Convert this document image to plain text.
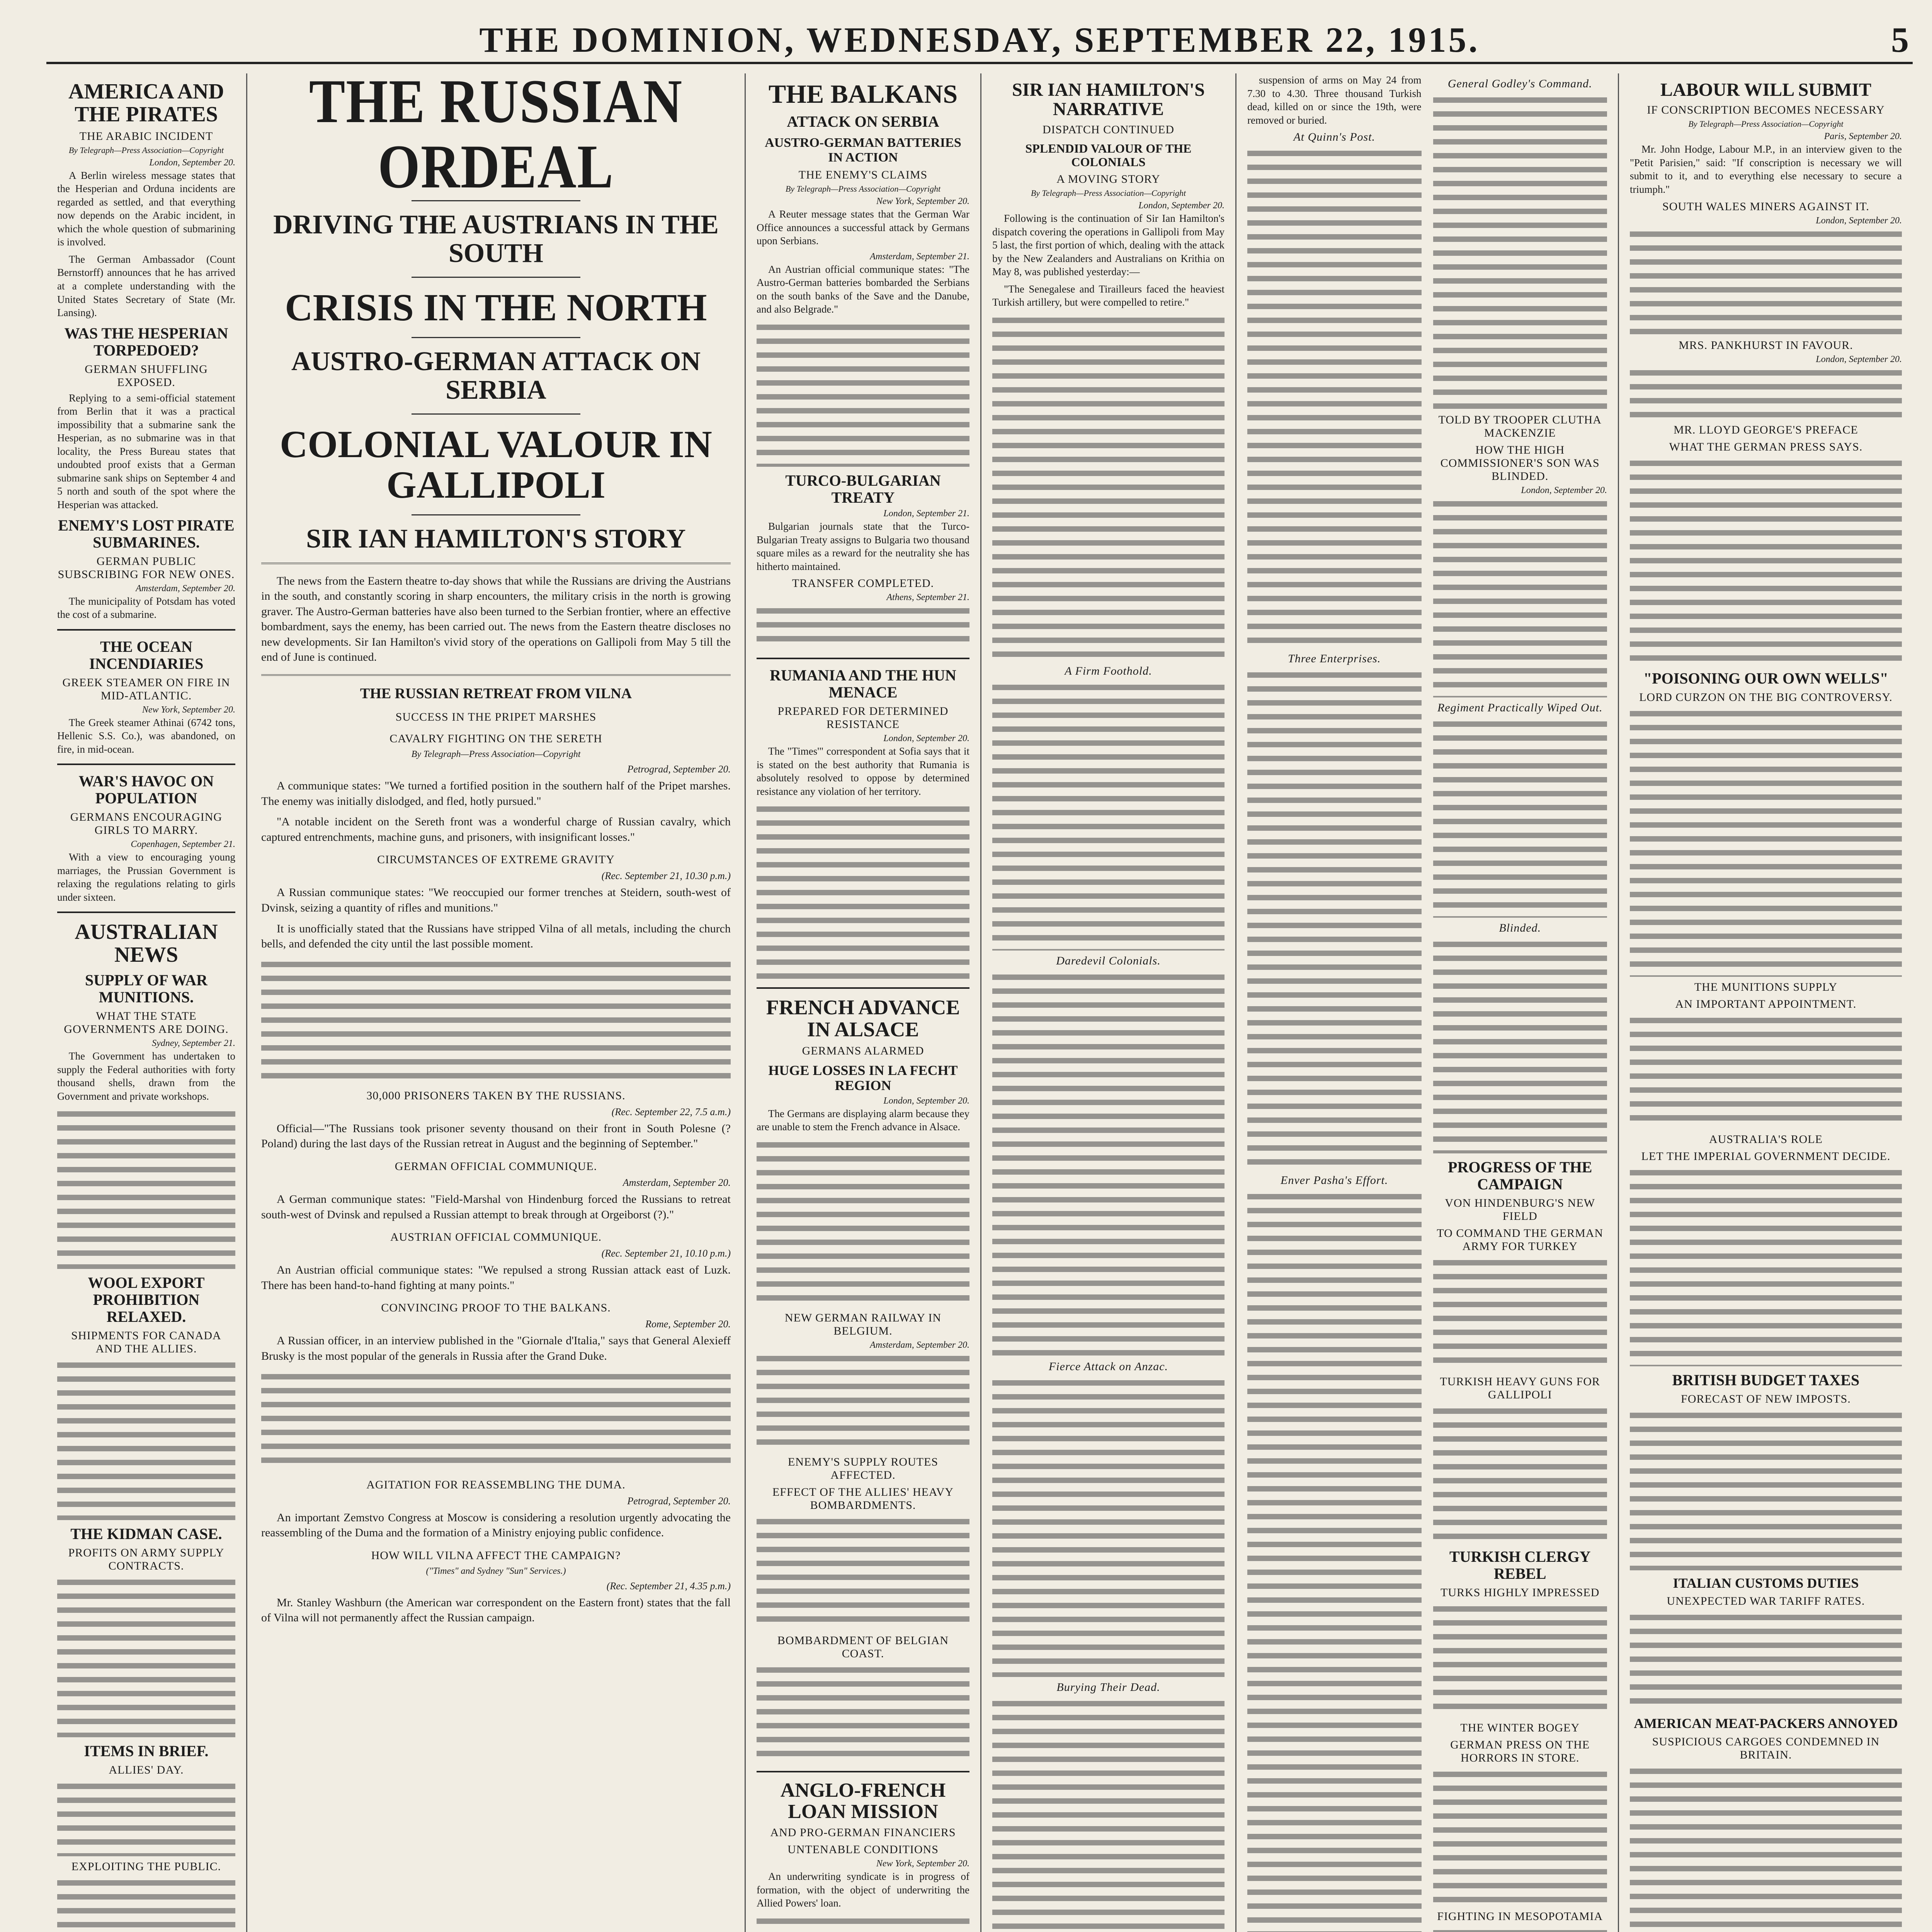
THE DOMINION, WEDNESDAY, SEPTEMBER 22, 1915.	5
AMERICA AND THE PIRATES
THE ARABIC INCIDENT
By Telegraph—Press Association—Copyright
London, September 20.

A Berlin wireless message states that the Hesperian and Orduna incidents are regarded as settled, and that everything now depends on the Arabic incident, in which the whole question of submarining is involved.

The German Ambassador (Count Bernstorff) announces that he has arrived at a complete understanding with the United States Secretary of State (Mr. Lansing).

WAS THE HESPERIAN TORPEDOED?
GERMAN SHUFFLING EXPOSED.

Replying to a semi-official statement from Berlin that it was a practical impossibility that a submarine sank the Hesperian, as no submarine was in that locality, the Press Bureau states that undoubted proof exists that a German submarine sank ships on September 4 and 5 north and south of the spot where the Hesperian was attacked.

ENEMY'S LOST PIRATE SUBMARINES.
GERMAN PUBLIC SUBSCRIBING FOR NEW ONES.
Amsterdam, September 20.

The municipality of Potsdam has voted the cost of a submarine.

THE OCEAN INCENDIARIES
GREEK STEAMER ON FIRE IN MID-ATLANTIC.
New York, September 20.

The Greek steamer Athinai (6742 tons, Hellenic S.S. Co.), was abandoned, on fire, in mid-ocean.

WAR'S HAVOC ON POPULATION
GERMANS ENCOURAGING GIRLS TO MARRY.
Copenhagen, September 21.

With a view to encouraging young marriages, the Prussian Government is relaxing the regulations relating to girls under sixteen.

AUSTRALIAN NEWS
SUPPLY OF WAR MUNITIONS.
WHAT THE STATE GOVERNMENTS ARE DOING.
Sydney, September 21.

The Government has undertaken to supply the Federal authorities with forty thousand shells, drawn from the Government and private workshops.

WOOL EXPORT PROHIBITION RELAXED.
SHIPMENTS FOR CANADA AND THE ALLIES.
THE KIDMAN CASE.
PROFITS ON ARMY SUPPLY CONTRACTS.
ITEMS IN BRIEF.
ALLIES' DAY.
EXPLOITING THE PUBLIC.
THE RUSSIAN ORDEAL
DRIVING THE AUSTRIANS IN THE SOUTH
CRISIS IN THE NORTH
AUSTRO-GERMAN ATTACK ON SERBIA
COLONIAL VALOUR IN GALLIPOLI
SIR IAN HAMILTON'S STORY

The news from the Eastern theatre to-day shows that while the Russians are driving the Austrians in the south, and constantly scoring in sharp encounters, the military crisis in the north is growing graver. The Austro-German batteries have also been turned to the Serbian frontier, where an effective bombardment, says the enemy, has been carried out. The news from the Eastern theatre discloses no new developments. Sir Ian Hamilton's vivid story of the operations on Gallipoli from May 5 till the end of June is continued.

THE RUSSIAN RETREAT FROM VILNA
SUCCESS IN THE PRIPET MARSHES
CAVALRY FIGHTING ON THE SERETH
By Telegraph—Press Association—Copyright
Petrograd, September 20.

A communique states: "We turned a fortified position in the southern half of the Pripet marshes. The enemy was initially dislodged, and fled, hotly pursued."

"A notable incident on the Sereth front was a wonderful charge of Russian cavalry, which captured entrenchments, machine guns, and prisoners, with insignificant losses."

CIRCUMSTANCES OF EXTREME GRAVITY
(Rec. September 21, 10.30 p.m.)

A Russian communique states: "We reoccupied our former trenches at Steidern, south-west of Dvinsk, seizing a quantity of rifles and munitions."

It is unofficially stated that the Russians have stripped Vilna of all metals, including the church bells, and defended the city until the last possible moment.

30,000 PRISONERS TAKEN BY THE RUSSIANS.
(Rec. September 22, 7.5 a.m.)

Official—"The Russians took prisoner seventy thousand on their front in South Polesne (? Poland) during the last days of the Russian retreat in August and the beginning of September."

GERMAN OFFICIAL COMMUNIQUE.
Amsterdam, September 20.

A German communique states: "Field-Marshal von Hindenburg forced the Russians to retreat south-west of Dvinsk and repulsed a Russian attempt to break through at Orgeiborst (?)."

AUSTRIAN OFFICIAL COMMUNIQUE.
(Rec. September 21, 10.10 p.m.)

An Austrian official communique states: "We repulsed a strong Russian attack east of Luzk. There has been hand-to-hand fighting at many points."

CONVINCING PROOF TO THE BALKANS.
Rome, September 20.

A Russian officer, in an interview published in the "Giornale d'Italia," says that General Alexieff Brusky is the most popular of the generals in Russia after the Grand Duke.

AGITATION FOR REASSEMBLING THE DUMA.
Petrograd, September 20.

An important Zemstvo Congress at Moscow is considering a resolution urgently advocating the reassembling of the Duma and the formation of a Ministry enjoying public confidence.

HOW WILL VILNA AFFECT THE CAMPAIGN?
("Times" and Sydney "Sun" Services.)
(Rec. September 21, 4.35 p.m.)

Mr. Stanley Washburn (the American war correspondent on the Eastern front) states that the fall of Vilna will not permanently affect the Russian campaign.

THE BALKANS
ATTACK ON SERBIA
AUSTRO-GERMAN BATTERIES IN ACTION
THE ENEMY'S CLAIMS
By Telegraph—Press Association—Copyright
New York, September 20.

A Reuter message states that the German War Office announces a successful attack by Germans upon Serbians.

Amsterdam, September 21.

An Austrian official communique states: "The Austro-German batteries bombarded the Serbians on the south banks of the Save and the Danube, and also Belgrade."

TURCO-BULGARIAN TREATY
London, September 21.

Bulgarian journals state that the Turco-Bulgarian Treaty assigns to Bulgaria two thousand square miles as a reward for the neutrality she has hitherto maintained.

TRANSFER COMPLETED.
Athens, September 21.
RUMANIA AND THE HUN MENACE
PREPARED FOR DETERMINED RESISTANCE
London, September 20.

The "Times'" correspondent at Sofia says that it is stated on the best authority that Rumania is absolutely resolved to oppose by determined resistance any violation of her territory.

FRENCH ADVANCE IN ALSACE
GERMANS ALARMED
HUGE LOSSES IN LA FECHT REGION
London, September 20.

The Germans are displaying alarm because they are unable to stem the French advance in Alsace.

NEW GERMAN RAILWAY IN BELGIUM.
Amsterdam, September 20.
ENEMY'S SUPPLY ROUTES AFFECTED.
EFFECT OF THE ALLIES' HEAVY BOMBARDMENTS.
BOMBARDMENT OF BELGIAN COAST.
ANGLO-FRENCH LOAN MISSION
AND PRO-GERMAN FINANCIERS
UNTENABLE CONDITIONS
New York, September 20.

An underwriting syndicate is in progress of formation, with the object of underwriting the Allied Powers' loan.

SIR IAN HAMILTON'S NARRATIVE
DISPATCH CONTINUED
SPLENDID VALOUR OF THE COLONIALS
A MOVING STORY
By Telegraph—Press Association—Copyright
London, September 20.

Following is the continuation of Sir Ian Hamilton's dispatch covering the operations in Gallipoli from May 5 last, the first portion of which, dealing with the attack by the New Zealanders and Australians on Krithia on May 8, was published yesterday:—

"The Senegalese and Tirailleurs faced the heaviest Turkish artillery, but were compelled to retire."

A Firm Foothold.
Daredevil Colonials.
Fierce Attack on Anzac.
Burying Their Dead.

suspension of arms on May 24 from 7.30 to 4.30. Three thousand Turkish dead, killed on or since the 19th, were removed or buried.

At Quinn's Post.
Three Enterprises.
Enver Pasha's Effort.
General Godley's Command.
TOLD BY TROOPER CLUTHA MACKENZIE
HOW THE HIGH COMMISSIONER'S SON WAS BLINDED.
London, September 20.
Regiment Practically Wiped Out.
Blinded.
PROGRESS OF THE CAMPAIGN
VON HINDENBURG'S NEW FIELD
TO COMMAND THE GERMAN ARMY FOR TURKEY
TURKISH HEAVY GUNS FOR GALLIPOLI
TURKISH CLERGY REBEL
TURKS HIGHLY IMPRESSED
THE WINTER BOGEY
GERMAN PRESS ON THE HORRORS IN STORE.
FIGHTING IN MESOPOTAMIA
LABOUR WILL SUBMIT
IF CONSCRIPTION BECOMES NECESSARY
By Telegraph—Press Association—Copyright
Paris, September 20.

Mr. John Hodge, Labour M.P., in an interview given to the "Petit Parisien," said: "If conscription is necessary we will submit to it, and to everything else necessary to secure a triumph."

SOUTH WALES MINERS AGAINST IT.
London, September 20.
MRS. PANKHURST IN FAVOUR.
London, September 20.
MR. LLOYD GEORGE'S PREFACE
WHAT THE GERMAN PRESS SAYS.
"POISONING OUR OWN WELLS"
LORD CURZON ON THE BIG CONTROVERSY.
THE MUNITIONS SUPPLY
AN IMPORTANT APPOINTMENT.
AUSTRALIA'S ROLE
LET THE IMPERIAL GOVERNMENT DECIDE.
BRITISH BUDGET TAXES
FORECAST OF NEW IMPOSTS.
ITALIAN CUSTOMS DUTIES
UNEXPECTED WAR TARIFF RATES.
AMERICAN MEAT-PACKERS ANNOYED
SUSPICIOUS CARGOES CONDEMNED IN BRITAIN.
